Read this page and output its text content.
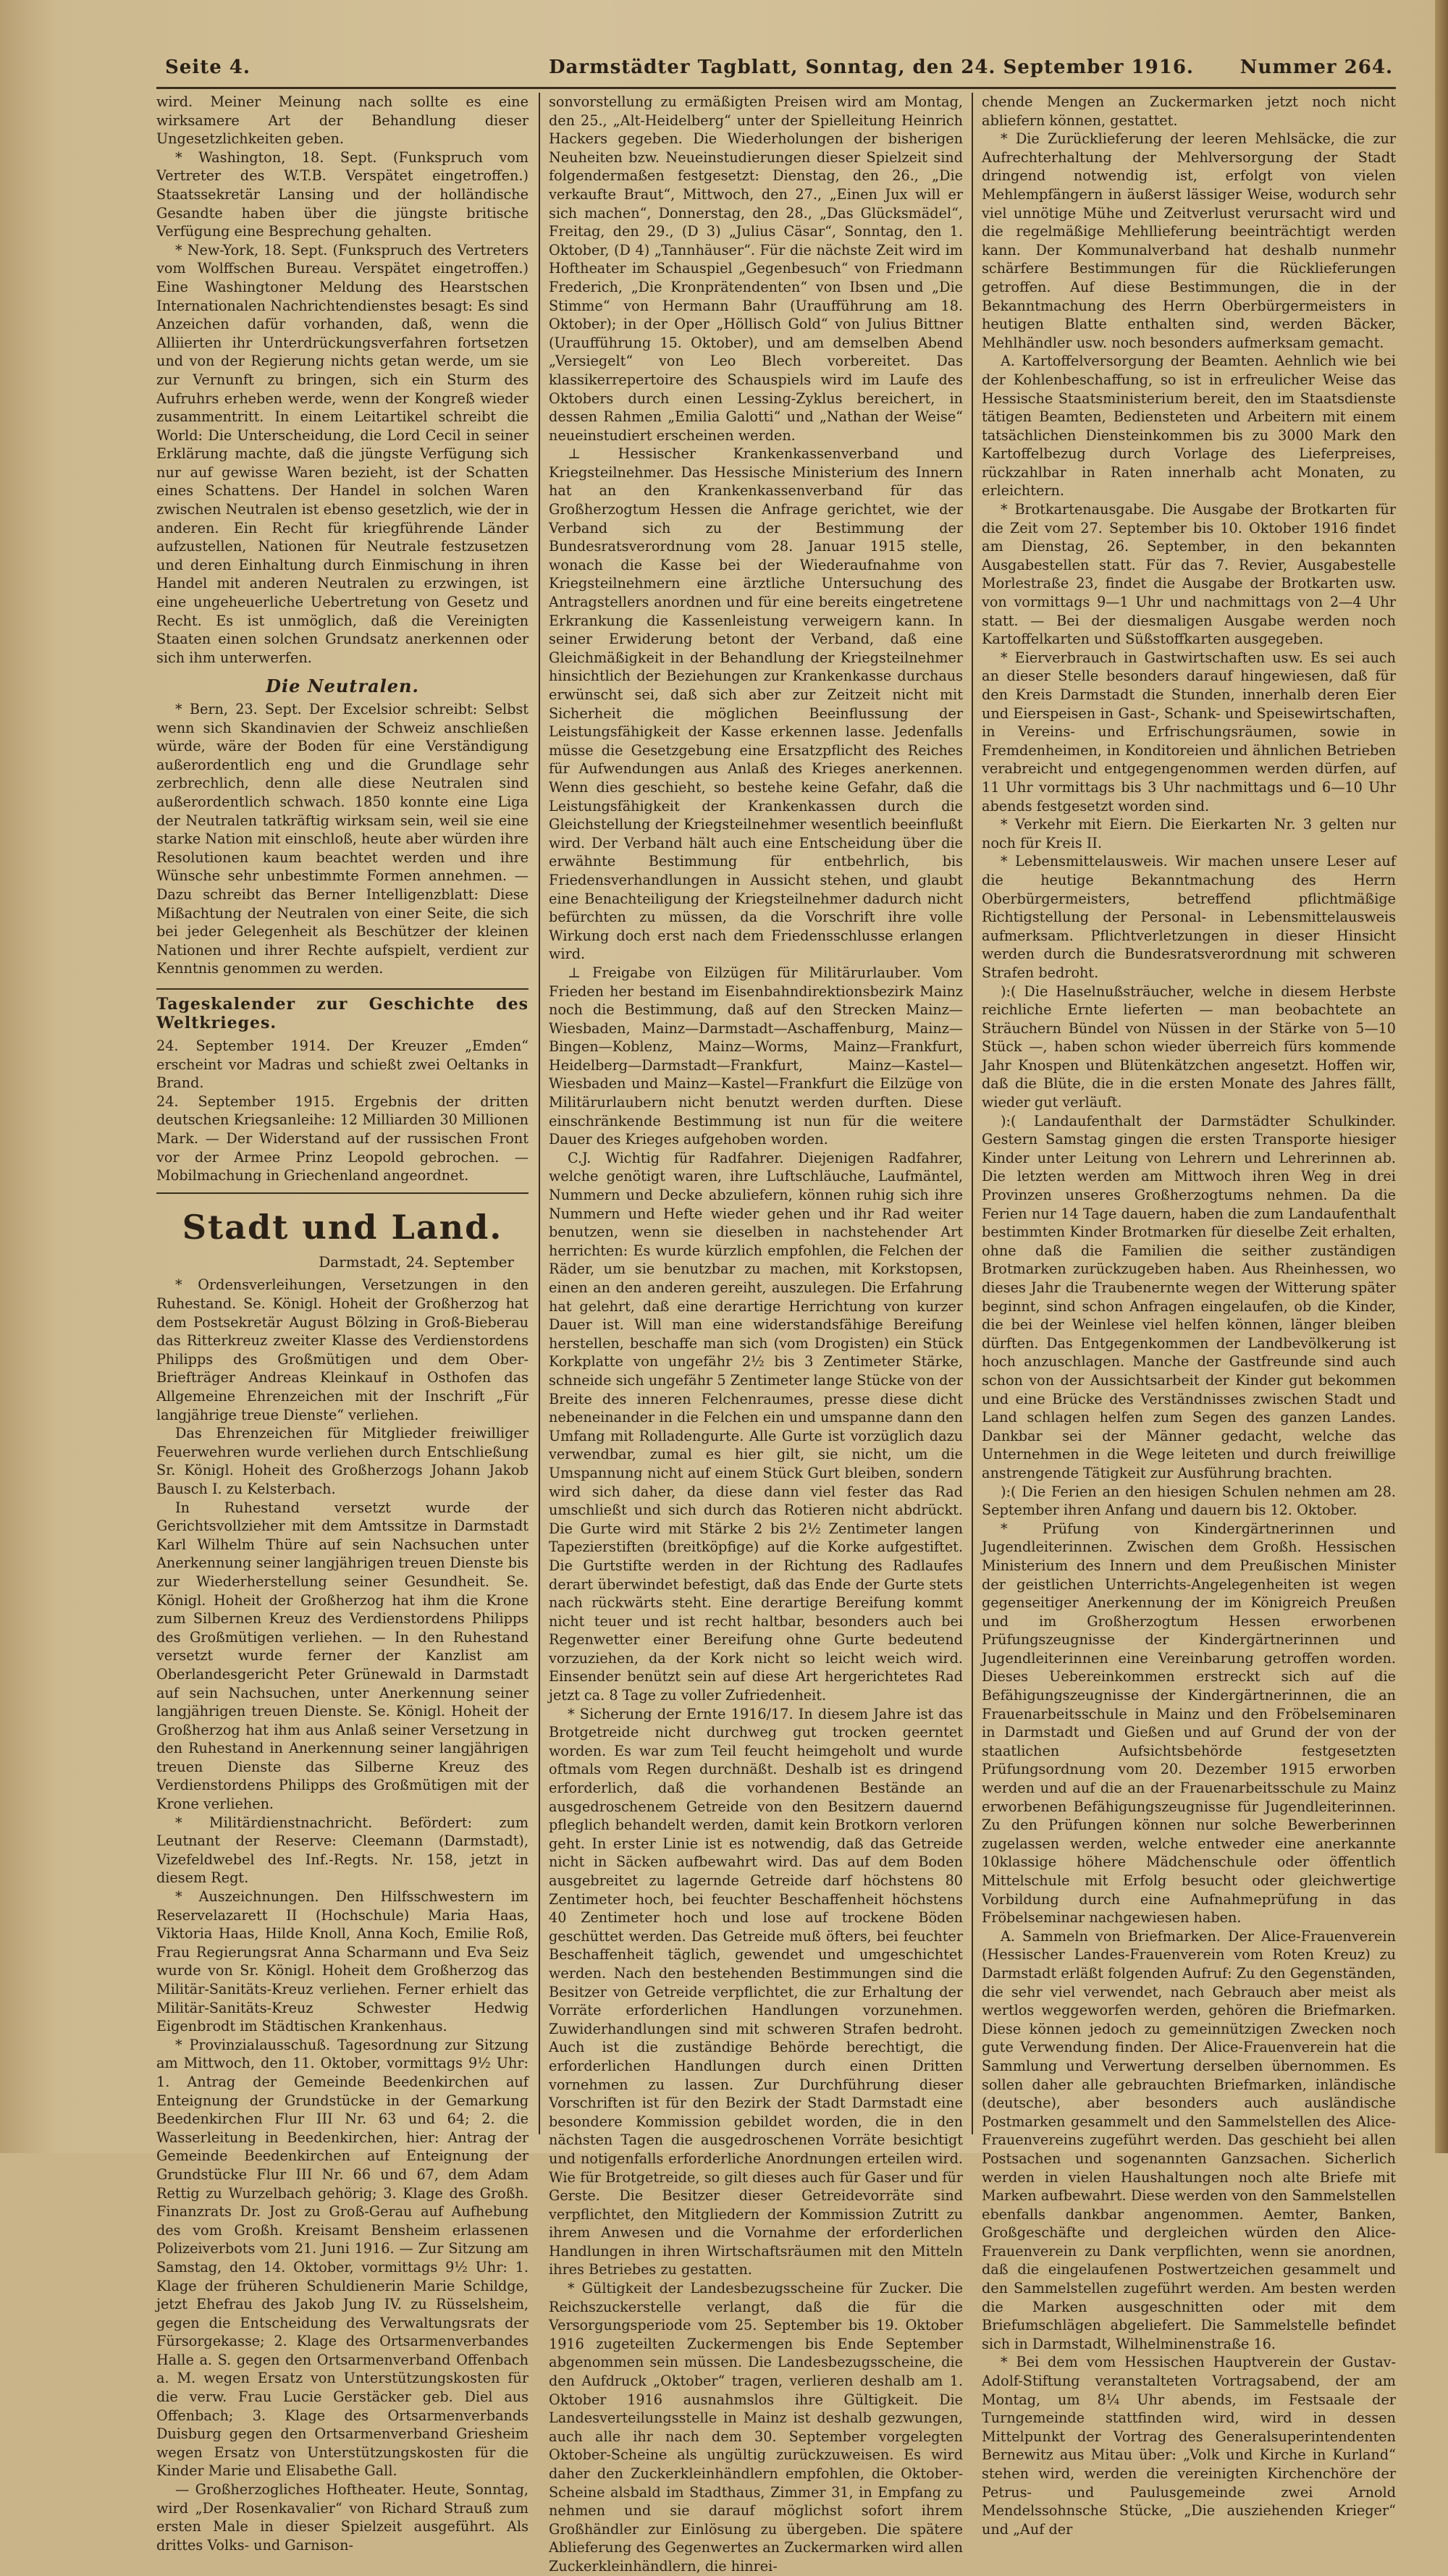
Seite 4.	Darmstädter Tagblatt, Sonntag, den 24. September 1916. Nummer 264.

wird. Meiner Meinung nach sollte es eine wirksamere Art der Behandlung dieser Ungesetzlichkeiten geben.

* Washington, 18. Sept. (Funkspruch vom Vertreter des W.T.B. Verspätet eingetroffen.) Staatssekretär Lansing und der holländische Gesandte haben über die jüngste britische Verfügung eine Besprechung gehalten.

* New-York, 18. Sept. (Funkspruch des Vertreters vom Wolffschen Bureau. Verspätet eingetroffen.) Eine Washingtoner Meldung des Hearstschen Internationalen Nachrichtendienstes besagt: Es sind Anzeichen dafür vorhanden, daß, wenn die Alliierten ihr Unterdrückungsverfahren fortsetzen und von der Regierung nichts getan werde, um sie zur Vernunft zu bringen, sich ein Sturm des Aufruhrs erheben werde, wenn der Kongreß wieder zusammentritt. In einem Leitartikel schreibt die World: Die Unterscheidung, die Lord Cecil in seiner Erklärung machte, daß die jüngste Verfügung sich nur auf gewisse Waren bezieht, ist der Schatten eines Schattens. Der Handel in solchen Waren zwischen Neutralen ist ebenso gesetzlich, wie der in anderen. Ein Recht für kriegführende Länder aufzustellen, Nationen für Neutrale festzusetzen und deren Einhaltung durch Einmischung in ihren Handel mit anderen Neutralen zu erzwingen, ist eine ungeheuerliche Uebertretung von Gesetz und Recht. Es ist unmöglich, daß die Vereinigten Staaten einen solchen Grundsatz anerkennen oder sich ihm unterwerfen.

Die Neutralen.

* Bern, 23. Sept. Der Excelsior schreibt: Selbst wenn sich Skandinavien der Schweiz anschließen würde, wäre der Boden für eine Verständigung außerordentlich eng und die Grundlage sehr zerbrechlich, denn alle diese Neutralen sind außerordentlich schwach. 1850 konnte eine Liga der Neutralen tatkräftig wirksam sein, weil sie eine starke Nation mit einschloß, heute aber würden ihre Resolutionen kaum beachtet werden und ihre Wünsche sehr unbestimmte Formen annehmen. — Dazu schreibt das Berner Intelligenzblatt: Diese Mißachtung der Neutralen von einer Seite, die sich bei jeder Gelegenheit als Beschützer der kleinen Nationen und ihrer Rechte aufspielt, verdient zur Kenntnis genommen zu werden.

Tageskalender zur Geschichte des Weltkrieges.

24. September 1914. Der Kreuzer „Emden“ erscheint vor Madras und schießt zwei Oeltanks in Brand.

24. September 1915. Ergebnis der dritten deutschen Kriegsanleihe: 12 Milliarden 30 Millionen Mark. — Der Widerstand auf der russischen Front vor der Armee Prinz Leopold gebrochen. — Mobilmachung in Griechenland angeordnet.

Stadt und Land.
Darmstadt, 24. September

* Ordensverleihungen, Versetzungen in den Ruhestand. Se. Königl. Hoheit der Großherzog hat dem Postsekretär August Bölzing in Groß-Bieberau das Ritterkreuz zweiter Klasse des Verdienstordens Philipps des Großmütigen und dem Ober-Briefträger Andreas Kleinkauf in Osthofen das Allgemeine Ehrenzeichen mit der Inschrift „Für langjährige treue Dienste“ verliehen.

Das Ehrenzeichen für Mitglieder freiwilliger Feuerwehren wurde verliehen durch Entschließung Sr. Königl. Hoheit des Großherzogs Johann Jakob Bausch I. zu Kelsterbach.

In Ruhestand versetzt wurde der Gerichtsvollzieher mit dem Amtssitze in Darmstadt Karl Wilhelm Thüre auf sein Nachsuchen unter Anerkennung seiner langjährigen treuen Dienste bis zur Wiederherstellung seiner Gesundheit. Se. Königl. Hoheit der Großherzog hat ihm die Krone zum Silbernen Kreuz des Verdienstordens Philipps des Großmütigen verliehen. — In den Ruhestand versetzt wurde ferner der Kanzlist am Oberlandesgericht Peter Grünewald in Darmstadt auf sein Nachsuchen, unter Anerkennung seiner langjährigen treuen Dienste. Se. Königl. Hoheit der Großherzog hat ihm aus Anlaß seiner Versetzung in den Ruhestand in Anerkennung seiner langjährigen treuen Dienste das Silberne Kreuz des Verdienstordens Philipps des Großmütigen mit der Krone verliehen.

* Militärdienstnachricht. Befördert: zum Leutnant der Reserve: Cleemann (Darmstadt), Vizefeldwebel des Inf.-Regts. Nr. 158, jetzt in diesem Regt.

* Auszeichnungen. Den Hilfsschwestern im Reservelazarett II (Hochschule) Maria Haas, Viktoria Haas, Hilde Knoll, Anna Koch, Emilie Roß, Frau Regierungsrat Anna Scharmann und Eva Seiz wurde von Sr. Königl. Hoheit dem Großherzog das Militär-Sanitäts-Kreuz verliehen. Ferner erhielt das Militär-Sanitäts-Kreuz Schwester Hedwig Eigenbrodt im Städtischen Krankenhaus.

* Provinzialausschuß. Tagesordnung zur Sitzung am Mittwoch, den 11. Oktober, vormittags 9½ Uhr: 1. Antrag der Gemeinde Beedenkirchen auf Enteignung der Grundstücke in der Gemarkung Beedenkirchen Flur III Nr. 63 und 64; 2. die Wasserleitung in Beedenkirchen, hier: Antrag der Gemeinde Beedenkirchen auf Enteignung der Grundstücke Flur III Nr. 66 und 67, dem Adam Rettig zu Wurzelbach gehörig; 3. Klage des Großh. Finanzrats Dr. Jost zu Groß-Gerau auf Aufhebung des vom Großh. Kreisamt Bensheim erlassenen Polizeiverbots vom 21. Juni 1916. — Zur Sitzung am Samstag, den 14. Oktober, vormittags 9½ Uhr: 1. Klage der früheren Schuldienerin Marie Schildge, jetzt Ehefrau des Jakob Jung IV. zu Rüsselsheim, gegen die Entscheidung des Verwaltungsrats der Fürsorgekasse; 2. Klage des Ortsarmenverbandes Halle a. S. gegen den Ortsarmenverband Offenbach a. M. wegen Ersatz von Unterstützungskosten für die verw. Frau Lucie Gerstäcker geb. Diel aus Offenbach; 3. Klage des Ortsarmenverbands Duisburg gegen den Ortsarmenverband Griesheim wegen Ersatz von Unterstützungskosten für die Kinder Marie und Elisabethe Gall.

— Großherzogliches Hoftheater. Heute, Sonntag, wird „Der Rosenkavalier“ von Richard Strauß zum ersten Male in dieser Spielzeit ausgeführt. Als drittes Volks- und Garnison-

sonvorstellung zu ermäßigten Preisen wird am Montag, den 25., „Alt-Heidelberg“ unter der Spielleitung Heinrich Hackers gegeben. Die Wiederholungen der bisherigen Neuheiten bzw. Neueinstudierungen dieser Spielzeit sind folgendermaßen festgesetzt: Dienstag, den 26., „Die verkaufte Braut“, Mittwoch, den 27., „Einen Jux will er sich machen“, Donnerstag, den 28., „Das Glücksmädel“, Freitag, den 29., (D 3) „Julius Cäsar“, Sonntag, den 1. Oktober, (D 4) „Tannhäuser“. Für die nächste Zeit wird im Hoftheater im Schauspiel „Gegenbesuch“ von Friedmann Frederich, „Die Kronprätendenten“ von Ibsen und „Die Stimme“ von Hermann Bahr (Uraufführung am 18. Oktober); in der Oper „Höllisch Gold“ von Julius Bittner (Uraufführung 15. Oktober), und am demselben Abend „Versiegelt“ von Leo Blech vorbereitet. Das klassikerrepertoire des Schauspiels wird im Laufe des Oktobers durch einen Lessing-Zyklus bereichert, in dessen Rahmen „Emilia Galotti“ und „Nathan der Weise“ neueinstudiert erscheinen werden.

⊥ Hessischer Krankenkassenverband und Kriegsteilnehmer. Das Hessische Ministerium des Innern hat an den Krankenkassenverband für das Großherzogtum Hessen die Anfrage gerichtet, wie der Verband sich zu der Bestimmung der Bundesratsverordnung vom 28. Januar 1915 stelle, wonach die Kasse bei der Wiederaufnahme von Kriegsteilnehmern eine ärztliche Untersuchung des Antragstellers anordnen und für eine bereits eingetretene Erkrankung die Kassenleistung verweigern kann. In seiner Erwiderung betont der Verband, daß eine Gleichmäßigkeit in der Behandlung der Kriegsteilnehmer hinsichtlich der Beziehungen zur Krankenkasse durchaus erwünscht sei, daß sich aber zur Zeitzeit nicht mit Sicherheit die möglichen Beeinflussung der Leistungsfähigkeit der Kasse erkennen lasse. Jedenfalls müsse die Gesetzgebung eine Ersatzpflicht des Reiches für Aufwendungen aus Anlaß des Krieges anerkennen. Wenn dies geschieht, so bestehe keine Gefahr, daß die Leistungsfähigkeit der Krankenkassen durch die Gleichstellung der Kriegsteilnehmer wesentlich beeinflußt wird. Der Verband hält auch eine Entscheidung über die erwähnte Bestimmung für entbehrlich, bis Friedensverhandlungen in Aussicht stehen, und glaubt eine Benachteiligung der Kriegsteilnehmer dadurch nicht befürchten zu müssen, da die Vorschrift ihre volle Wirkung doch erst nach dem Friedensschlusse erlangen wird.

⊥ Freigabe von Eilzügen für Militärurlauber. Vom Frieden her bestand im Eisenbahndirektionsbezirk Mainz noch die Bestimmung, daß auf den Strecken Mainz—Wiesbaden, Mainz—Darmstadt—Aschaffenburg, Mainz—Bingen—Koblenz, Mainz—Worms, Mainz—Frankfurt, Heidelberg—Darmstadt—Frankfurt, Mainz—Kastel—Wiesbaden und Mainz—Kastel—Frankfurt die Eilzüge von Militärurlaubern nicht benutzt werden durften. Diese einschränkende Bestimmung ist nun für die weitere Dauer des Krieges aufgehoben worden.

C.J. Wichtig für Radfahrer. Diejenigen Radfahrer, welche genötigt waren, ihre Luftschläuche, Laufmäntel, Nummern und Decke abzuliefern, können ruhig sich ihre Nummern und Hefte wieder gehen und ihr Rad weiter benutzen, wenn sie dieselben in nachstehender Art herrichten: Es wurde kürzlich empfohlen, die Felchen der Räder, um sie benutzbar zu machen, mit Korkstopsen, einen an den anderen gereiht, auszulegen. Die Erfahrung hat gelehrt, daß eine derartige Herrichtung von kurzer Dauer ist. Will man eine widerstandsfähige Bereifung herstellen, beschaffe man sich (vom Drogisten) ein Stück Korkplatte von ungefähr 2½ bis 3 Zentimeter Stärke, schneide sich ungefähr 5 Zentimeter lange Stücke von der Breite des inneren Felchenraumes, presse diese dicht nebeneinander in die Felchen ein und umspanne dann den Umfang mit Rolladengurte. Alle Gurte ist vorzüglich dazu verwendbar, zumal es hier gilt, sie nicht, um die Umspannung nicht auf einem Stück Gurt bleiben, sondern wird sich daher, da diese dann viel fester das Rad umschließt und sich durch das Rotieren nicht abdrückt. Die Gurte wird mit Stärke 2 bis 2½ Zentimeter langen Tapezierstiften (breitköpfige) auf die Korke aufgestiftet. Die Gurtstifte werden in der Richtung des Radlaufes derart überwindet befestigt, daß das Ende der Gurte stets nach rückwärts steht. Eine derartige Bereifung kommt nicht teuer und ist recht haltbar, besonders auch bei Regenwetter einer Bereifung ohne Gurte bedeutend vorzuziehen, da der Kork nicht so leicht weich wird. Einsender benützt sein auf diese Art hergerichtetes Rad jetzt ca. 8 Tage zu voller Zufriedenheit.

* Sicherung der Ernte 1916/17. In diesem Jahre ist das Brotgetreide nicht durchweg gut trocken geerntet worden. Es war zum Teil feucht heimgeholt und wurde oftmals vom Regen durchnäßt. Deshalb ist es dringend erforderlich, daß die vorhandenen Bestände an ausgedroschenem Getreide von den Besitzern dauernd pfleglich behandelt werden, damit kein Brotkorn verloren geht. In erster Linie ist es notwendig, daß das Getreide nicht in Säcken aufbewahrt wird. Das auf dem Boden ausgebreitet zu lagernde Getreide darf höchstens 80 Zentimeter hoch, bei feuchter Beschaffenheit höchstens 40 Zentimeter hoch und lose auf trockene Böden geschüttet werden. Das Getreide muß öfters, bei feuchter Beschaffenheit täglich, gewendet und umgeschichtet werden. Nach den bestehenden Bestimmungen sind die Besitzer von Getreide verpflichtet, die zur Erhaltung der Vorräte erforderlichen Handlungen vorzunehmen. Zuwiderhandlungen sind mit schweren Strafen bedroht. Auch ist die zuständige Behörde berechtigt, die erforderlichen Handlungen durch einen Dritten vornehmen zu lassen. Zur Durchführung dieser Vorschriften ist für den Bezirk der Stadt Darmstadt eine besondere Kommission gebildet worden, die in den nächsten Tagen die ausgedroschenen Vorräte besichtigt und notigenfalls erforderliche Anordnungen erteilen wird. Wie für Brotgetreide, so gilt dieses auch für Gaser und für Gerste. Die Besitzer dieser Getreidevorräte sind verpflichtet, den Mitgliedern der Kommission Zutritt zu ihrem Anwesen und die Vornahme der erforderlichen Handlungen in ihren Wirtschaftsräumen mit den Mitteln ihres Betriebes zu gestatten.

* Gültigkeit der Landesbezugsscheine für Zucker. Die Reichszuckerstelle verlangt, daß die für die Versorgungsperiode vom 25. September bis 19. Oktober 1916 zugeteilten Zuckermengen bis Ende September abgenommen sein müssen. Die Landesbezugsscheine, die den Aufdruck „Oktober“ tragen, verlieren deshalb am 1. Oktober 1916 ausnahmslos ihre Gültigkeit. Die Landesverteilungsstelle in Mainz ist deshalb gezwungen, auch alle ihr nach dem 30. September vorgelegten Oktober-Scheine als ungültig zurückzuweisen. Es wird daher den Zuckerkleinhändlern empfohlen, die Oktober-Scheine alsbald im Stadthaus, Zimmer 31, in Empfang zu nehmen und sie darauf möglichst sofort ihrem Großhändler zur Einlösung zu übergeben. Die spätere Ablieferung des Gegenwertes an Zuckermarken wird allen Zuckerkleinhändlern, die hinrei-

chende Mengen an Zuckermarken jetzt noch nicht abliefern können, gestattet.

* Die Zurücklieferung der leeren Mehlsäcke, die zur Aufrechterhaltung der Mehlversorgung der Stadt dringend notwendig ist, erfolgt von vielen Mehlempfängern in äußerst lässiger Weise, wodurch sehr viel unnötige Mühe und Zeitverlust verursacht wird und die regelmäßige Mehllieferung beeinträchtigt werden kann. Der Kommunalverband hat deshalb nunmehr schärfere Bestimmungen für die Rücklieferungen getroffen. Auf diese Bestimmungen, die in der Bekanntmachung des Herrn Oberbürgermeisters in heutigen Blatte enthalten sind, werden Bäcker, Mehlhändler usw. noch besonders aufmerksam gemacht.

A. Kartoffelversorgung der Beamten. Aehnlich wie bei der Kohlenbeschaffung, so ist in erfreulicher Weise das Hessische Staatsministerium bereit, den im Staatsdienste tätigen Beamten, Bediensteten und Arbeitern mit einem tatsächlichen Diensteinkommen bis zu 3000 Mark den Kartoffelbezug durch Vorlage des Lieferpreises, rückzahlbar in Raten innerhalb acht Monaten, zu erleichtern.

* Brotkartenausgabe. Die Ausgabe der Brotkarten für die Zeit vom 27. September bis 10. Oktober 1916 findet am Dienstag, 26. September, in den bekannten Ausgabestellen statt. Für das 7. Revier, Ausgabestelle Morlestraße 23, findet die Ausgabe der Brotkarten usw. von vormittags 9—1 Uhr und nachmittags von 2—4 Uhr statt. — Bei der diesmaligen Ausgabe werden noch Kartoffelkarten und Süßstoffkarten ausgegeben.

* Eierverbrauch in Gastwirtschaften usw. Es sei auch an dieser Stelle besonders darauf hingewiesen, daß für den Kreis Darmstadt die Stunden, innerhalb deren Eier und Eierspeisen in Gast-, Schank- und Speisewirtschaften, in Vereins- und Erfrischungsräumen, sowie in Fremdenheimen, in Konditoreien und ähnlichen Betrieben verabreicht und entgegengenommen werden dürfen, auf 11 Uhr vormittags bis 3 Uhr nachmittags und 6—10 Uhr abends festgesetzt worden sind.

* Verkehr mit Eiern. Die Eierkarten Nr. 3 gelten nur noch für Kreis II.

* Lebensmittelausweis. Wir machen unsere Leser auf die heutige Bekanntmachung des Herrn Oberbürgermeisters, betreffend pflichtmäßige Richtigstellung der Personal- in Lebensmittelausweis aufmerksam. Pflichtverletzungen in dieser Hinsicht werden durch die Bundesratsverordnung mit schweren Strafen bedroht.

):( Die Haselnußsträucher, welche in diesem Herbste reichliche Ernte lieferten — man beobachtete an Sträuchern Bündel von Nüssen in der Stärke von 5—10 Stück —, haben schon wieder überreich fürs kommende Jahr Knospen und Blütenkätzchen angesetzt. Hoffen wir, daß die Blüte, die in die ersten Monate des Jahres fällt, wieder gut verläuft.

):( Landaufenthalt der Darmstädter Schulkinder. Gestern Samstag gingen die ersten Transporte hiesiger Kinder unter Leitung von Lehrern und Lehrerinnen ab. Die letzten werden am Mittwoch ihren Weg in drei Provinzen unseres Großherzogtums nehmen. Da die Ferien nur 14 Tage dauern, haben die zum Landaufenthalt bestimmten Kinder Brotmarken für dieselbe Zeit erhalten, ohne daß die Familien die seither zuständigen Brotmarken zurückzugeben haben. Aus Rheinhessen, wo dieses Jahr die Traubenernte wegen der Witterung später beginnt, sind schon Anfragen eingelaufen, ob die Kinder, die bei der Weinlese viel helfen können, länger bleiben dürften. Das Entgegenkommen der Landbevölkerung ist hoch anzuschlagen. Manche der Gastfreunde sind auch schon von der Aussichtsarbeit der Kinder gut bekommen und eine Brücke des Verständnisses zwischen Stadt und Land schlagen helfen zum Segen des ganzen Landes. Dankbar sei der Männer gedacht, welche das Unternehmen in die Wege leiteten und durch freiwillige anstrengende Tätigkeit zur Ausführung brachten.

):( Die Ferien an den hiesigen Schulen nehmen am 28. September ihren Anfang und dauern bis 12. Oktober.

* Prüfung von Kindergärtnerinnen und Jugendleiterinnen. Zwischen dem Großh. Hessischen Ministerium des Innern und dem Preußischen Minister der geistlichen Unterrichts-Angelegenheiten ist wegen gegenseitiger Anerkennung der im Königreich Preußen und im Großherzogtum Hessen erworbenen Prüfungszeugnisse der Kindergärtnerinnen und Jugendleiterinnen eine Vereinbarung getroffen worden. Dieses Uebereinkommen erstreckt sich auf die Befähigungszeugnisse der Kindergärtnerinnen, die an Frauenarbeitsschule in Mainz und den Fröbelseminaren in Darmstadt und Gießen und auf Grund der von der staatlichen Aufsichtsbehörde festgesetzten Prüfungsordnung vom 20. Dezember 1915 erworben werden und auf die an der Frauenarbeitsschule zu Mainz erworbenen Befähigungszeugnisse für Jugendleiterinnen. Zu den Prüfungen können nur solche Bewerberinnen zugelassen werden, welche entweder eine anerkannte 10klassige höhere Mädchenschule oder öffentlich Mittelschule mit Erfolg besucht oder gleichwertige Vorbildung durch eine Aufnahmeprüfung in das Fröbelseminar nachgewiesen haben.

A. Sammeln von Briefmarken. Der Alice-Frauenverein (Hessischer Landes-Frauenverein vom Roten Kreuz) zu Darmstadt erläßt folgenden Aufruf: Zu den Gegenständen, die sehr viel verwendet, nach Gebrauch aber meist als wertlos weggeworfen werden, gehören die Briefmarken. Diese können jedoch zu gemeinnützigen Zwecken noch gute Verwendung finden. Der Alice-Frauenverein hat die Sammlung und Verwertung derselben übernommen. Es sollen daher alle gebrauchten Briefmarken, inländische (deutsche), aber besonders auch ausländische Postmarken gesammelt und den Sammelstellen des Alice-Frauenvereins zugeführt werden. Das geschieht bei allen Postsachen und sogenannten Ganzsachen. Sicherlich werden in vielen Haushaltungen noch alte Briefe mit Marken aufbewahrt. Diese werden von den Sammelstellen ebenfalls dankbar angenommen. Aemter, Banken, Großgeschäfte und dergleichen würden den Alice-Frauenverein zu Dank verpflichten, wenn sie anordnen, daß die eingelaufenen Postwertzeichen gesammelt und den Sammelstellen zugeführt werden. Am besten werden die Marken ausgeschnitten oder mit dem Briefumschlägen abgeliefert. Die Sammelstelle befindet sich in Darmstadt, Wilhelminenstraße 16.

* Bei dem vom Hessischen Hauptverein der Gustav-Adolf-Stiftung veranstalteten Vortragsabend, der am Montag, um 8¼ Uhr abends, im Festsaale der Turngemeinde stattfinden wird, wird in dessen Mittelpunkt der Vortrag des Generalsuperintendenten Bernewitz aus Mitau über: „Volk und Kirche in Kurland“ stehen wird, werden die vereinigten Kirchenchöre der Petrus- und Paulusgemeinde zwei Arnold Mendelssohnsche Stücke, „Die ausziehenden Krieger“ und „Auf der
